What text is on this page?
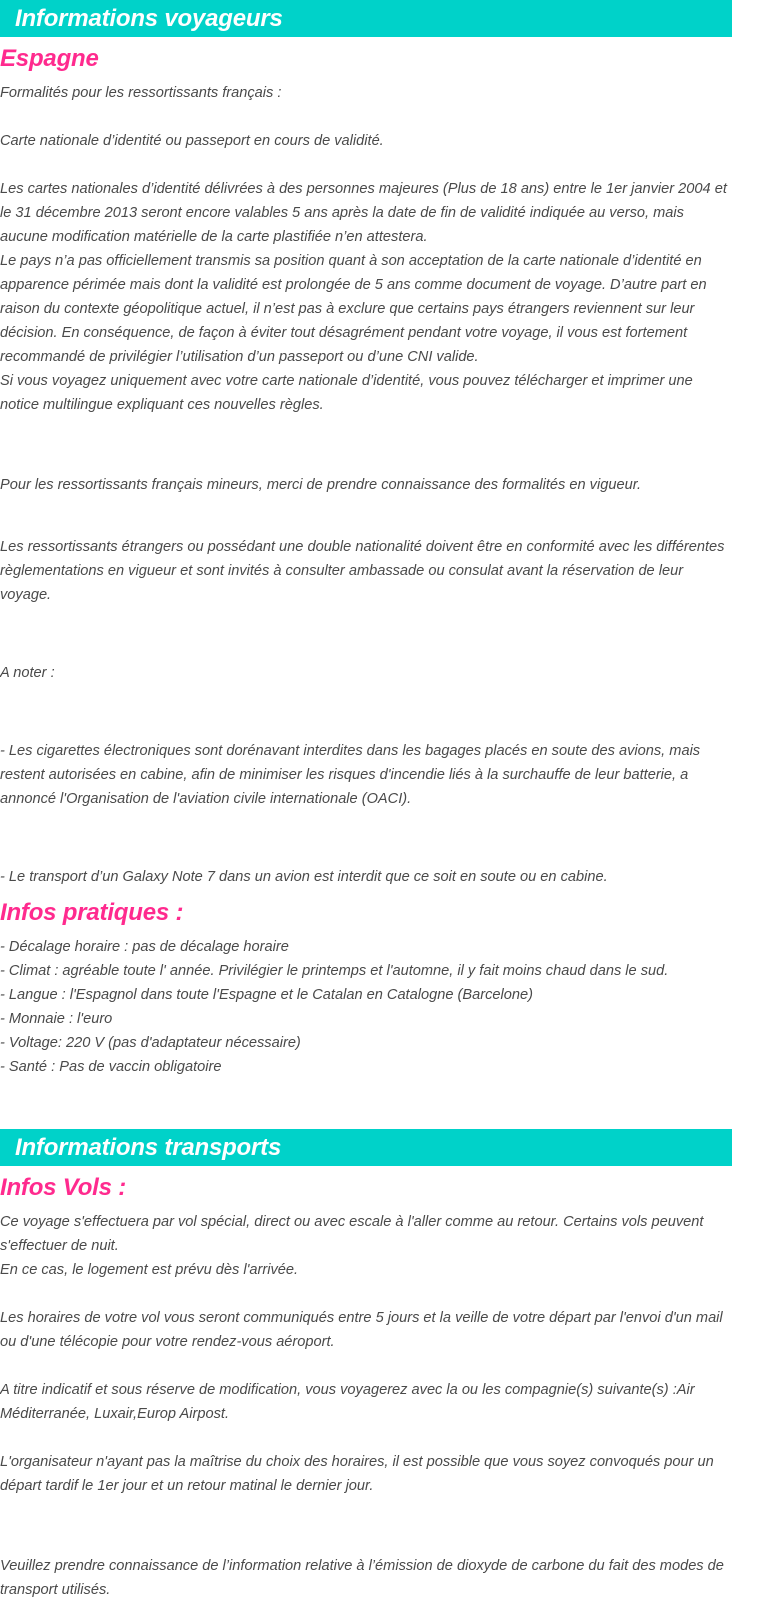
Informations voyageurs
Espagne

Formalités pour les ressortissants français :

Carte nationale d’identité ou passeport en cours de validité.

Les cartes nationales d’identité délivrées à des personnes majeures (Plus de 18 ans) entre le 1er janvier 2004 et le 31 décembre 2013 seront encore valables 5 ans après la date de fin de validité indiquée au verso, mais aucune modification matérielle de la carte plastifiée n’en attestera.

Le pays n’a pas officiellement transmis sa position quant à son acceptation de la carte nationale d’identité en apparence périmée mais dont la validité est prolongée de 5 ans comme document de voyage. D’autre part en raison du contexte géopolitique actuel, il n’est pas à exclure que certains pays étrangers reviennent sur leur décision. En conséquence, de façon à éviter tout désagrément pendant votre voyage, il vous est fortement recommandé de privilégier l’utilisation d’un passeport ou d’une CNI valide.

Si vous voyagez uniquement avec votre carte nationale d’identité, vous pouvez télécharger et imprimer une notice multilingue expliquant ces nouvelles règles.

Pour les ressortissants français mineurs, merci de prendre connaissance des formalités en vigueur.

Les ressortissants étrangers ou possédant une double nationalité doivent être en conformité avec les différentes règlementations en vigueur et sont invités à consulter ambassade ou consulat avant la réservation de leur voyage.

A noter :

- Les cigarettes électroniques sont dorénavant interdites dans les bagages placés en soute des avions, mais restent autorisées en cabine, afin de minimiser les risques d'incendie liés à la surchauffe de leur batterie, a annoncé l'Organisation de l'aviation civile internationale (OACI).

- Le transport d’un Galaxy Note 7 dans un avion est interdit que ce soit en soute ou en cabine.

Infos pratiques :

- Décalage horaire : pas de décalage horaire

- Climat : agréable toute l' année. Privilégier le printemps et l'automne, il y fait moins chaud dans le sud.

- Langue : l'Espagnol dans toute l'Espagne et le Catalan en Catalogne (Barcelone)

- Monnaie : l'euro

- Voltage: 220 V (pas d'adaptateur nécessaire)

- Santé : Pas de vaccin obligatoire

Informations transports
Infos Vols :

Ce voyage s'effectuera par vol spécial, direct ou avec escale à l'aller comme au retour. Certains vols peuvent s'effectuer de nuit.

En ce cas, le logement est prévu dès l'arrivée.

Les horaires de votre vol vous seront communiqués entre 5 jours et la veille de votre départ par l'envoi d'un mail ou d'une télécopie pour votre rendez-vous aéroport.

A titre indicatif et sous réserve de modification, vous voyagerez avec la ou les compagnie(s) suivante(s) :Air Méditerranée, Luxair,Europ Airpost.

L'organisateur n'ayant pas la maîtrise du choix des horaires, il est possible que vous soyez convoqués pour un départ tardif le 1er jour et un retour matinal le dernier jour.

Veuillez prendre connaissance de l’information relative à l’émission de dioxyde de carbone du fait des modes de transport utilisés.
